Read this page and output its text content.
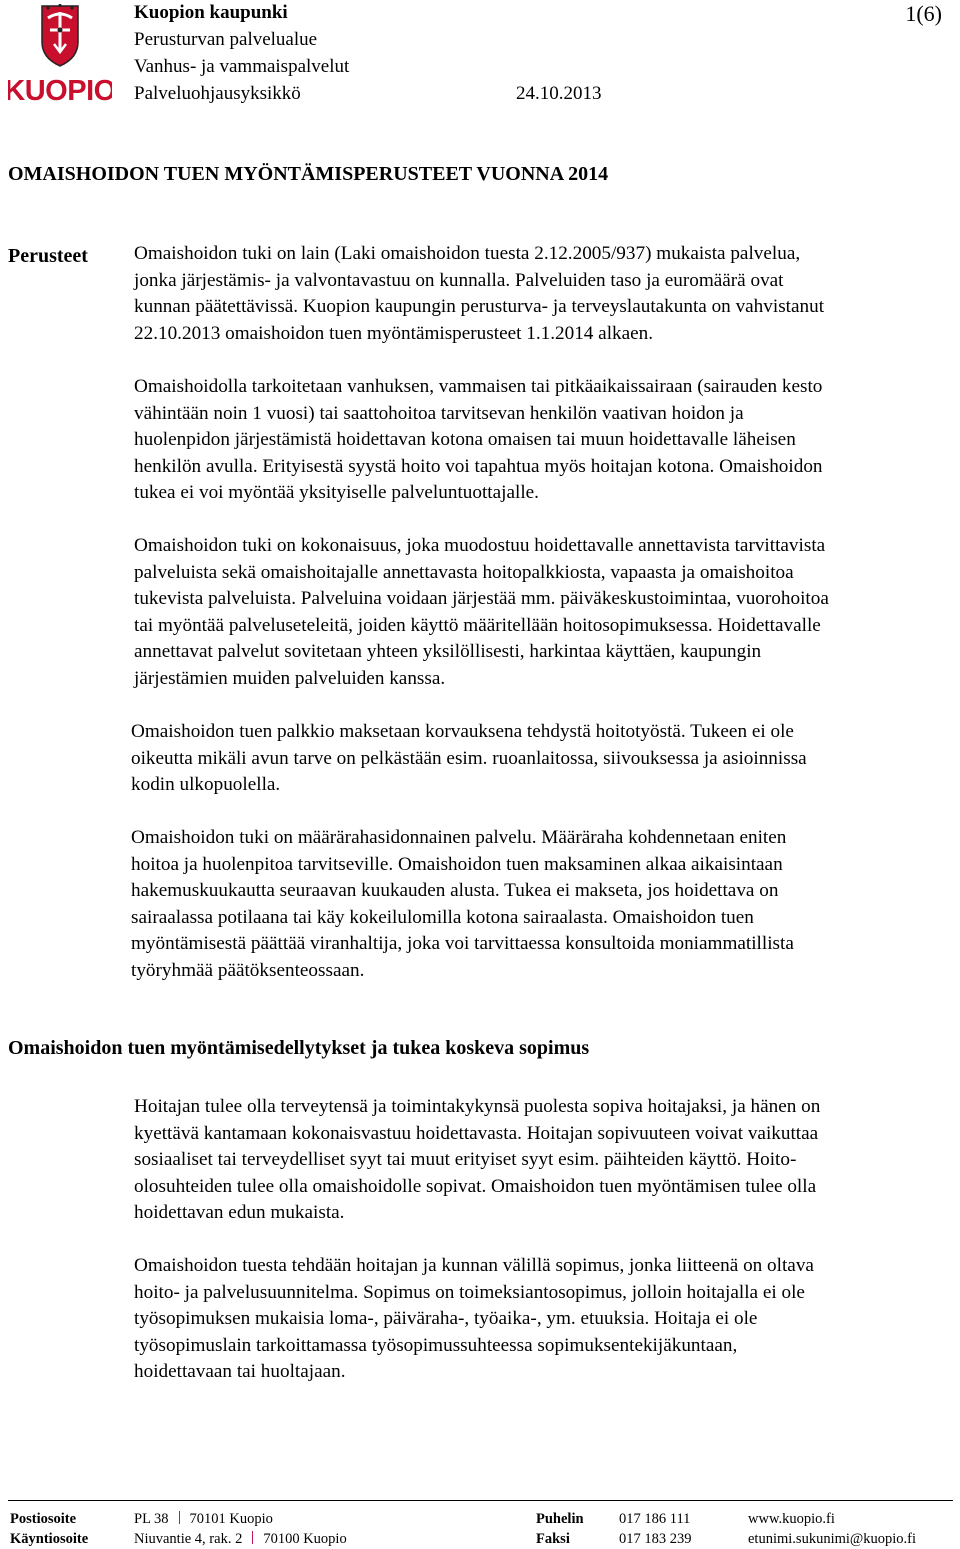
KUOPIO
Kuopion kaupunki
Perusturvan palvelualue
Vanhus- ja vammaispalvelut
Palveluohjausyksikkö	24.10.2013
1(6)
OMAISHOIDON TUEN MYÖNTÄMISPERUSTEET VUONNA 2014
Perusteet Omaishoidon tuki on lain (Laki omaishoidon tuesta 2.12.2005/937) mukaista palvelua,
jonka järjestämis- ja valvontavastuu on kunnalla. Palveluiden taso ja euromäärä ovat
kunnan päätettävissä. Kuopion kaupungin perusturva- ja terveyslautakunta on vahvistanut
22.10.2013 omaishoidon tuen myöntämisperusteet 1.1.2014 alkaen.

Omaishoidolla tarkoitetaan vanhuksen, vammaisen tai pitkäaikaissairaan (sairauden kesto
vähintään noin 1 vuosi) tai saattohoitoa tarvitsevan henkilön vaativan hoidon ja
huolenpidon järjestämistä hoidettavan kotona omaisen tai muun hoidettavalle läheisen
henkilön avulla. Erityisestä syystä hoito voi tapahtua myös hoitajan kotona. Omaishoidon
tukea ei voi myöntää yksityiselle palveluntuottajalle.

Omaishoidon tuki on kokonaisuus, joka muodostuu hoidettavalle annettavista tarvittavista
palveluista sekä omaishoitajalle annettavasta hoitopalkkiosta, vapaasta ja omaishoitoa
tukevista palveluista. Palveluina voidaan järjestää mm. päiväkeskustoimintaa, vuorohoitoa
tai myöntää palveluseteleitä, joiden käyttö määritellään hoitosopimuksessa. Hoidettavalle
annettavat palvelut sovitetaan yhteen yksilöllisesti, harkintaa käyttäen, kaupungin
järjestämien muiden palveluiden kanssa.

Omaishoidon tuen palkkio maksetaan korvauksena tehdystä hoitotyöstä. Tukeen ei ole
oikeutta mikäli avun tarve on pelkästään esim. ruoanlaitossa, siivouksessa ja asioinnissa
kodin ulkopuolella.

Omaishoidon tuki on määrärahasidonnainen palvelu. Määräraha kohdennetaan eniten
hoitoa ja huolenpitoa tarvitseville. Omaishoidon tuen maksaminen alkaa aikaisintaan
hakemuskuukautta seuraavan kuukauden alusta. Tukea ei makseta, jos hoidettava on
sairaalassa potilaana tai käy kokeilulomilla kotona sairaalasta. Omaishoidon tuen
myöntämisestä päättää viranhaltija, joka voi tarvittaessa konsultoida moniammatillista
työryhmää päätöksenteossaan.

Omaishoidon tuen myöntämisedellytykset ja tukea koskeva sopimus

Hoitajan tulee olla terveytensä ja toimintakykynsä puolesta sopiva hoitajaksi, ja hänen on
kyettävä kantamaan kokonaisvastuu hoidettavasta. Hoitajan sopivuuteen voivat vaikuttaa
sosiaaliset tai terveydelliset syyt tai muut erityiset syyt esim. päihteiden käyttö. Hoito-
olosuhteiden tulee olla omaishoidolle sopivat. Omaishoidon tuen myöntämisen tulee olla
hoidettavan edun mukaista.

Omaishoidon tuesta tehdään hoitajan ja kunnan välillä sopimus, jonka liitteenä on oltava
hoito- ja palvelusuunnitelma. Sopimus on toimeksiantosopimus, jolloin hoitajalla ei ole
työsopimuksen mukaisia loma-, päiväraha-, työaika-, ym. etuuksia. Hoitaja ei ole
työsopimuslain tarkoittamassa työsopimussuhteessa sopimuksentekijäkuntaan,
hoidettavaan tai huoltajaan.

Postiosoite	PL 38 70101 Kuopio	Puhelin 017 186 111	www.kuopio.fi
Käyntiosoite	Niuvantie 4, rak. 2 70100 Kuopio	Faksi	017 183 239	etunimi.sukunimi@kuopio.fi
